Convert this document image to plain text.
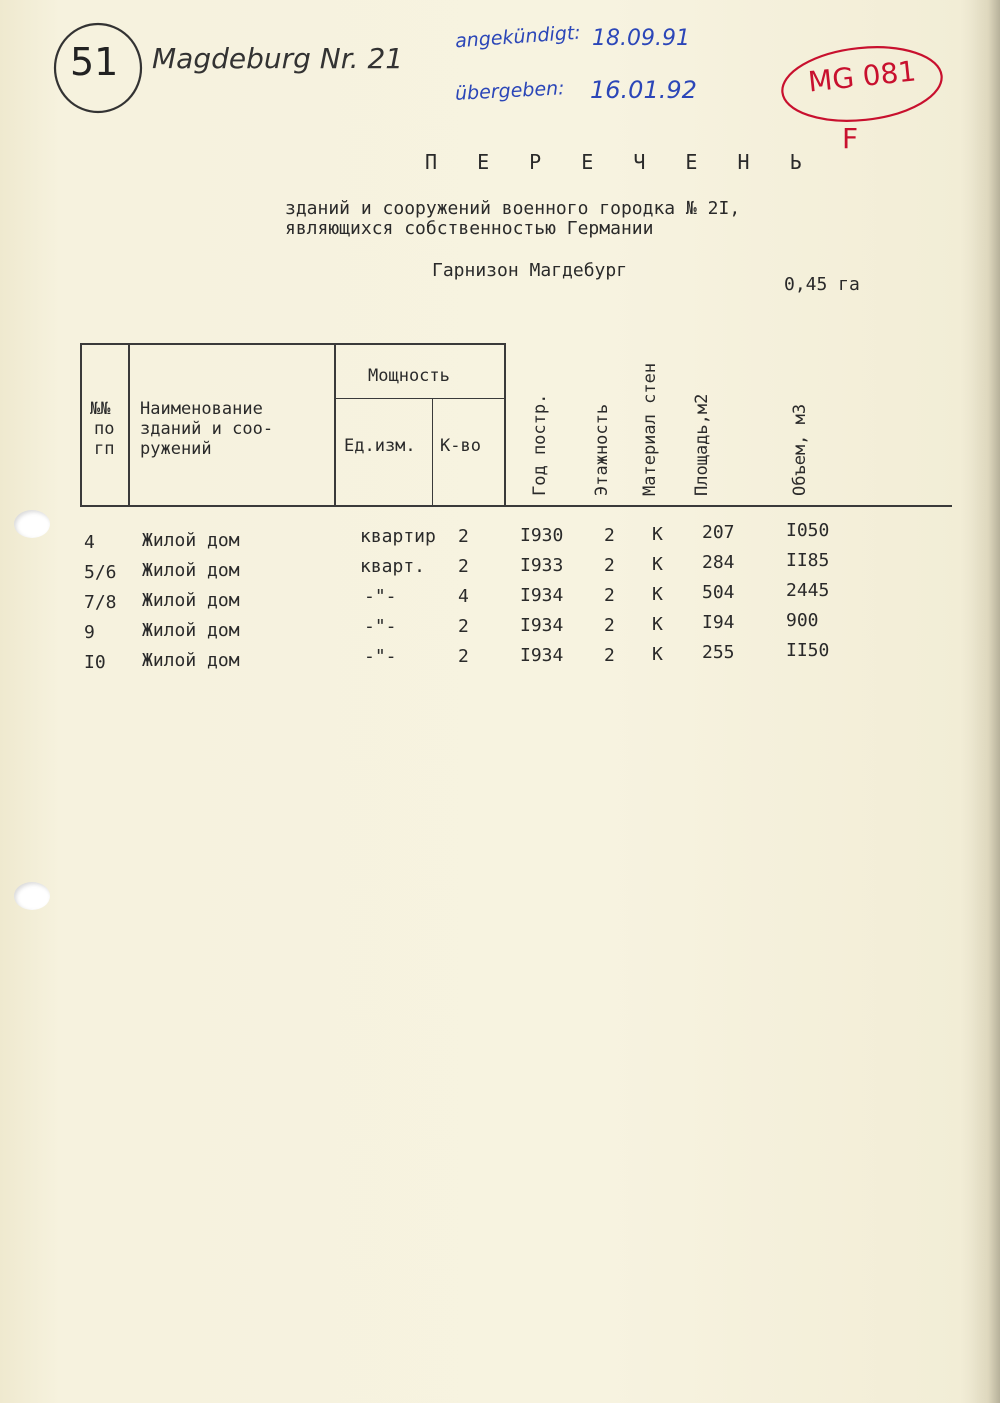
51 Magdeburg Nr. 21
angekündigt: 18.09.91
übergeben: 16.01.92	MG 081
F
П Е Р Е Ч Е Н Ь
зданий и сооружений военного городка № 2I,
являющихся собственностью Германии
Гарнизон Магдебург
0,45 га
№№
по
гп
Наименование
зданий и соо-
ружений
Мощность
Ед.изм. К-во	Год постр. Этажность Материал стен Площадь,м2	Объем, м3
4	Жилой дом	квартир 2	I930 2 К 207	I050
5/6 Жилой дом	кварт. 2	I933 2 К 284	II85
7/8 Жилой дом	-"-	4	I934 2 К 504	2445
9	Жилой дом	-"-	2	I934 2 К I94	900
I0 Жилой дом	-"-	2	I934 2 К 255	II50
